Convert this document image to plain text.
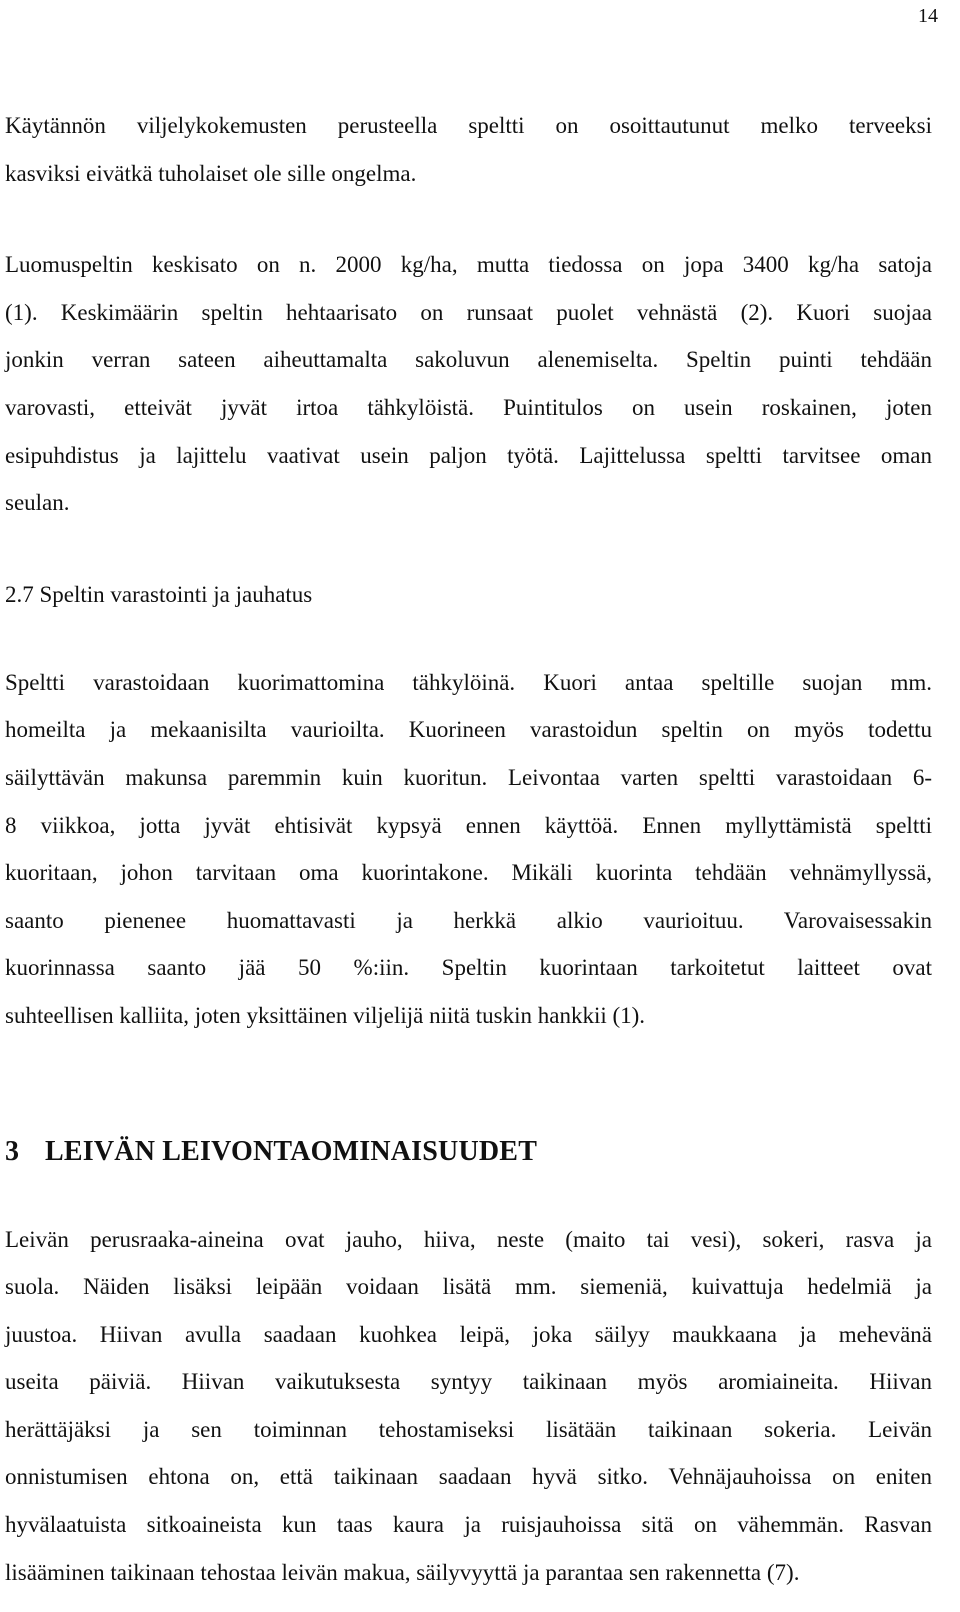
14

Käytännön viljelykokemusten perusteella speltti on osoittautunut melko terveeksi
kasviksi eivätkä tuholaiset ole sille ongelma.

Luomuspeltin keskisato on n. 2000 kg/ha, mutta tiedossa on jopa 3400 kg/ha satoja
(1). Keskimäärin speltin hehtaarisato on runsaat puolet vehnästä (2). Kuori suojaa
jonkin verran sateen aiheuttamalta sakoluvun alenemiselta. Speltin puinti tehdään
varovasti, etteivät jyvät irtoa tähkylöistä. Puintitulos on usein roskainen, joten
esipuhdistus ja lajittelu vaativat usein paljon työtä. Lajittelussa speltti tarvitsee oman
seulan.

2.7 Speltin varastointi ja jauhatus

Speltti varastoidaan kuorimattomina tähkylöinä. Kuori antaa speltille suojan mm.
homeilta ja mekaanisilta vaurioilta. Kuorineen varastoidun speltin on myös todettu
säilyttävän makunsa paremmin kuin kuoritun. Leivontaa varten speltti varastoidaan 6-
8 viikkoa, jotta jyvät ehtisivät kypsyä ennen käyttöä. Ennen myllyttämistä speltti
kuoritaan, johon tarvitaan oma kuorintakone. Mikäli kuorinta tehdään vehnämyllyssä,
saanto pienenee huomattavasti ja herkkä alkio vaurioituu. Varovaisessakin
kuorinnassa saanto jää 50 %:iin. Speltin kuorintaan tarkoitetut laitteet ovat
suhteellisen kalliita, joten yksittäinen viljelijä niitä tuskin hankkii (1).

3 LEIVÄN LEIVONTAOMINAISUUDET

Leivän perusraaka-aineina ovat jauho, hiiva, neste (maito tai vesi), sokeri, rasva ja
suola. Näiden lisäksi leipään voidaan lisätä mm. siemeniä, kuivattuja hedelmiä ja
juustoa. Hiivan avulla saadaan kuohkea leipä, joka säilyy maukkaana ja mehevänä
useita päiviä. Hiivan vaikutuksesta syntyy taikinaan myös aromiaineita. Hiivan
herättäjäksi ja sen toiminnan tehostamiseksi lisätään taikinaan sokeria. Leivän
onnistumisen ehtona on, että taikinaan saadaan hyvä sitko. Vehnäjauhoissa on eniten
hyvälaatuista sitkoaineista kun taas kaura ja ruisjauhoissa sitä on vähemmän. Rasvan
lisääminen taikinaan tehostaa leivän makua, säilyvyyttä ja parantaa sen rakennetta (7).
